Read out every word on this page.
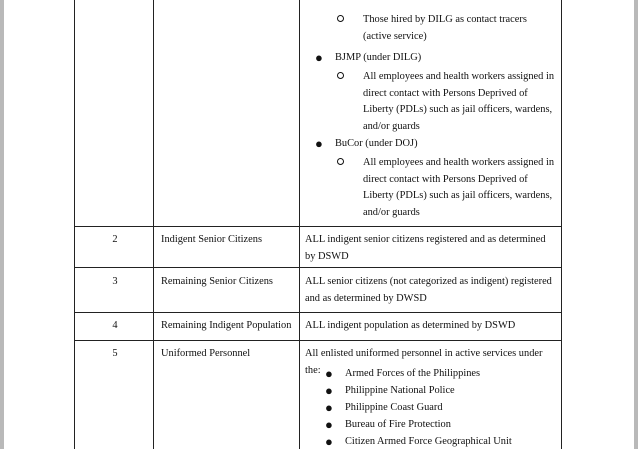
Those hired by DILG as contact tracers (active service)
● BJMP (under DILG)
All employees and health workers assigned in direct contact with Persons Deprived of Liberty (PDLs) such as jail officers, wardens, and/or guards
● BuCor (under DOJ)
All employees and health workers assigned in direct contact with Persons Deprived of Liberty (PDLs) such as jail officers, wardens, and/or guards
2	Indigent Senior Citizens	ALL indigent senior citizens registered and as determined by DSWD
3	Remaining Senior Citizens	ALL senior citizens (not categorized as indigent) registered and as determined by DWSD
4	Remaining Indigent Population	ALL indigent population as determined by DSWD
5	Uniformed Personnel	All enlisted uniformed personnel in active services under the: ● Armed Forces of the Philippines
● Philippine National Police
● Philippine Coast Guard
● Bureau of Fire Protection
● Citizen Armed Force Geographical Unit
